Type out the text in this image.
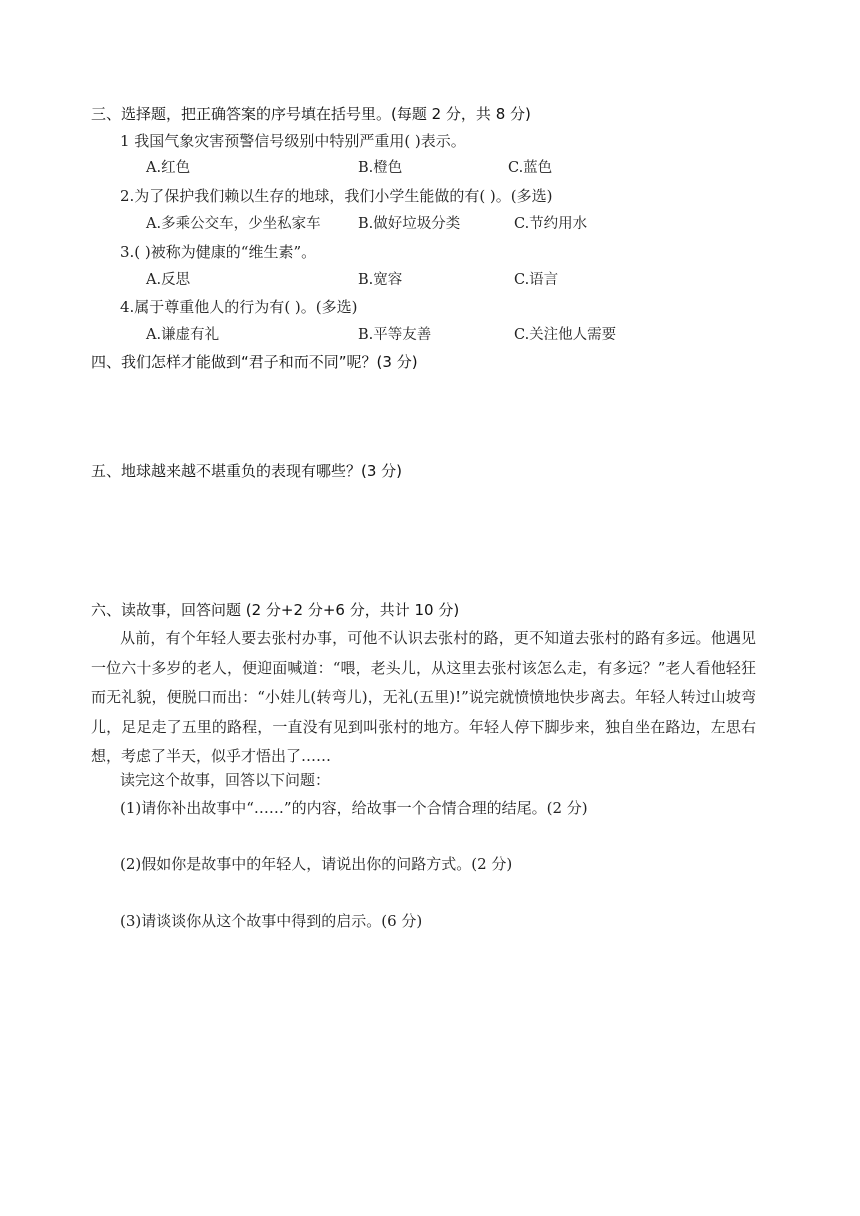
三、选择题，把正确答案的序号填在括号里。(每题 2 分，共 8 分)
1 我国气象灾害预警信号级别中特别严重用( )表示。
A.红色	B.橙色	C.蓝色
2.为了保护我们赖以生存的地球，我们小学生能做的有( )。(多选)
A.多乘公交车，少坐私家车	B.做好垃圾分类	C.节约用水
3.( )被称为健康的“维生素”。
A.反思	B.宽容	C.语言
4.属于尊重他人的行为有( )。(多选)
A.谦虚有礼	B.平等友善	C.关注他人需要
四、我们怎样才能做到“君子和而不同”呢？(3 分)
五、地球越来越不堪重负的表现有哪些？(3 分)
六、读故事，回答问题 (2 分+2 分+6 分，共计 10 分)
从前，有个年轻人要去张村办事，可他不认识去张村的路，更不知道去张村的路有多远。他遇见一位六十多岁的老人，便迎面喊道：“喂，老头儿，从这里去张村该怎么走，有多远？”老人看他轻狂而无礼貌，便脱口而出：“小娃儿(转弯儿)，无礼(五里)!”说完就愤愤地快步离去。年轻人转过山坡弯儿，足足走了五里的路程，一直没有见到叫张村的地方。年轻人停下脚步来，独自坐在路边，左思右想，考虑了半天，似乎才悟出了……
读完这个故事，回答以下问题：
(1)请你补出故事中“……”的内容，给故事一个合情合理的结尾。(2 分)
(2)假如你是故事中的年轻人，请说出你的问路方式。(2 分)
(3)请谈谈你从这个故事中得到的启示。(6 分)
